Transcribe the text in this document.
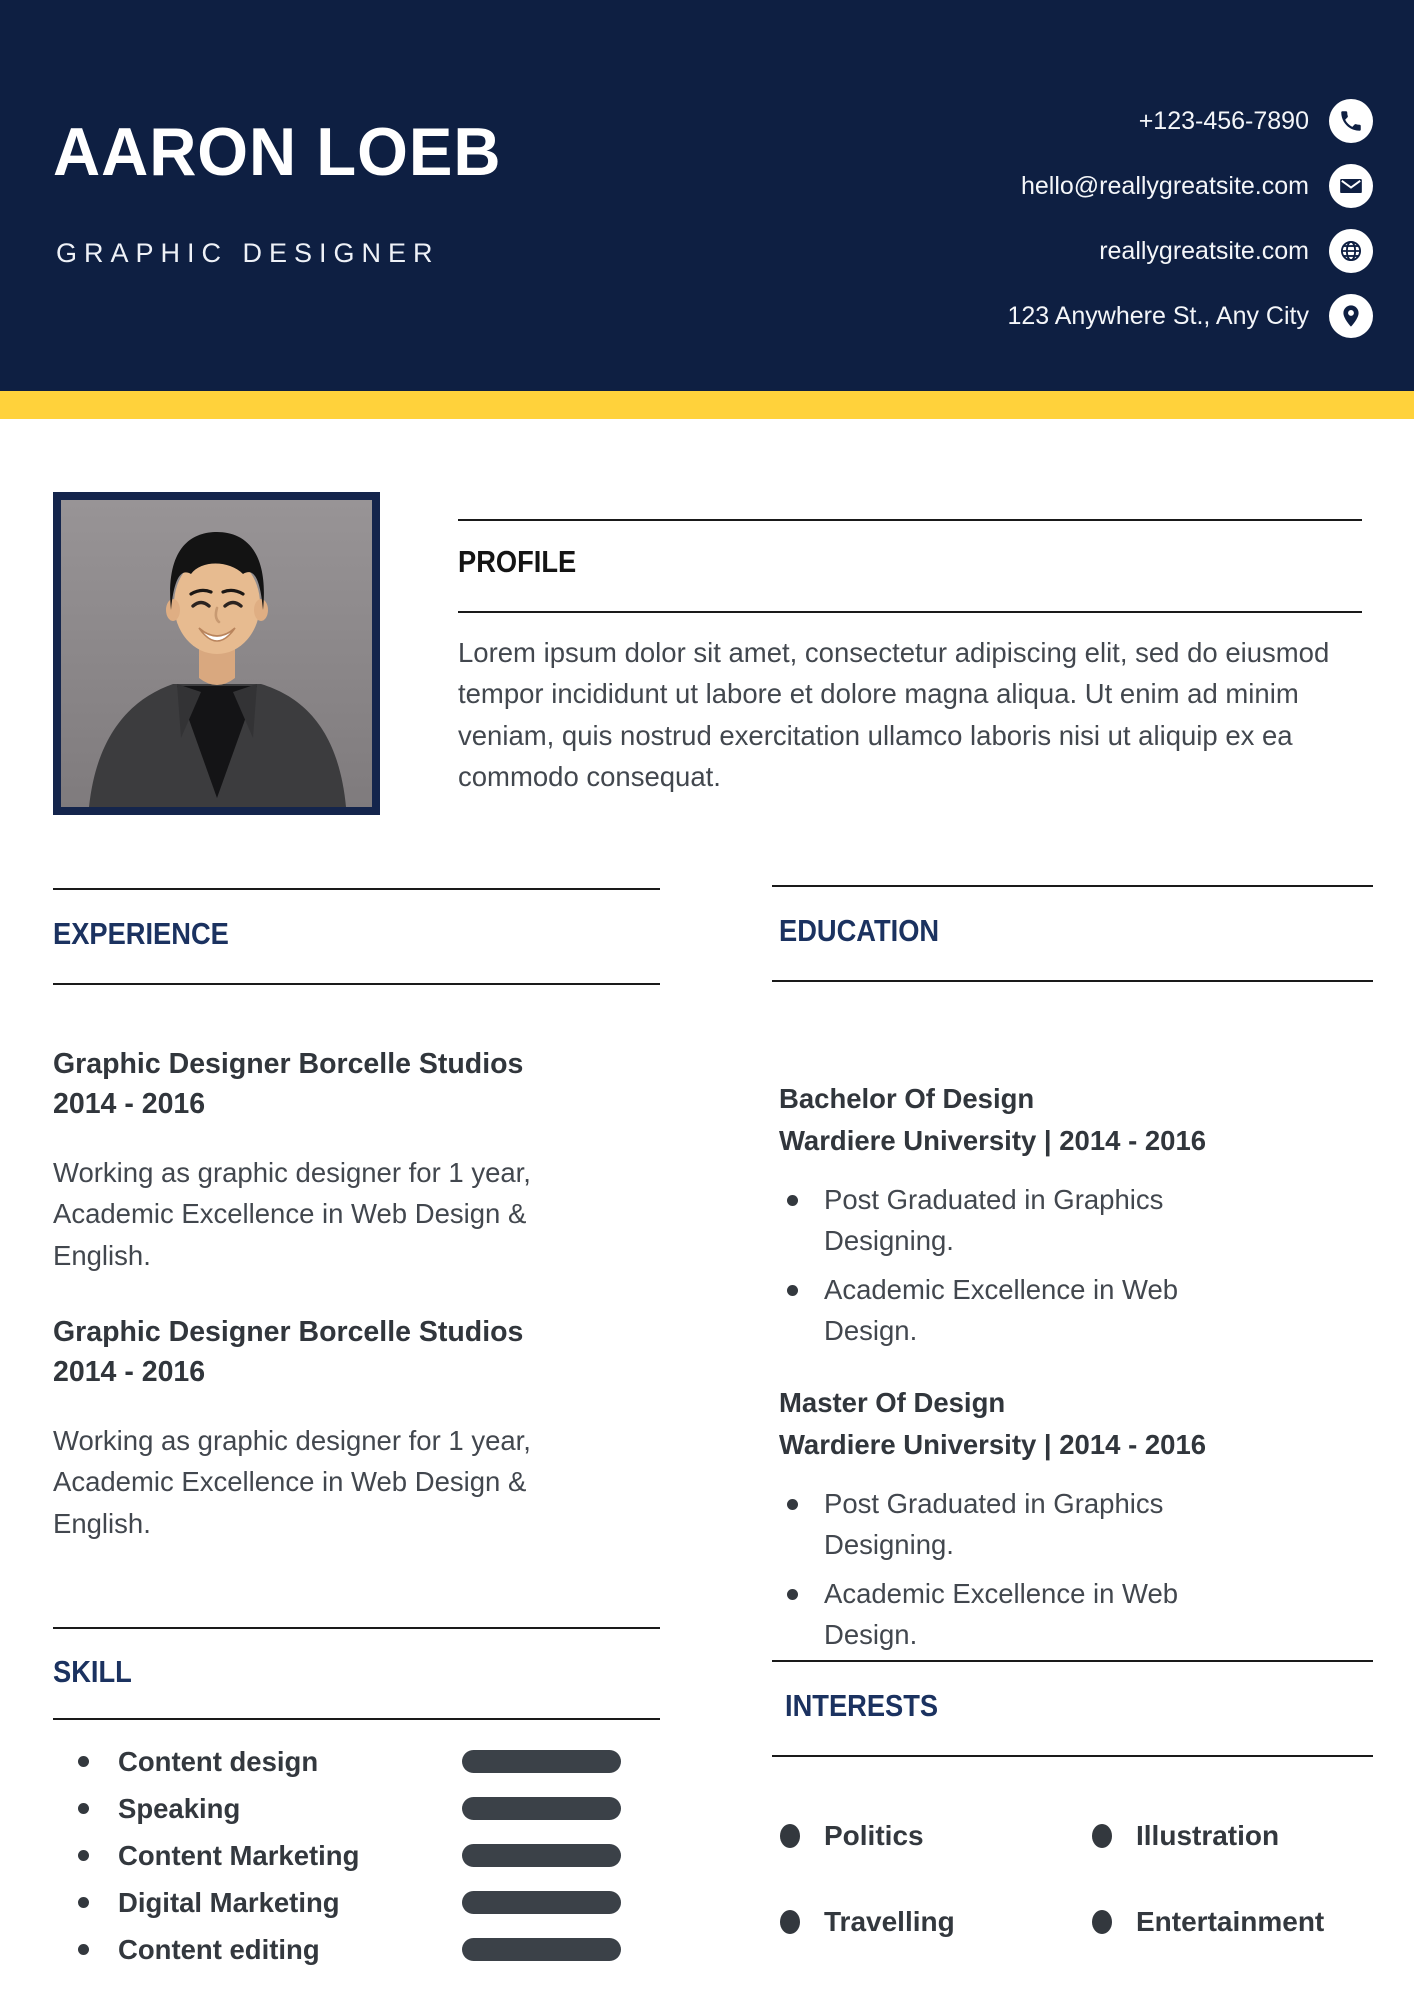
AARON LOEB
GRAPHIC DESIGNER
+123-456-7890
hello@reallygreatsite.com
reallygreatsite.com
123 Anywhere St., Any City
PROFILE
Lorem ipsum dolor sit amet, consectetur adipiscing elit, sed do eiusmod tempor incididunt ut labore et dolore magna aliqua. Ut enim ad minim veniam, quis nostrud exercitation ullamco laboris nisi ut aliquip ex ea commodo consequat.
EXPERIENCE	EDUCATION
Graphic Designer Borcelle Studios
2014 - 2016
Working as graphic designer for 1 year, Academic Excellence in Web Design & English.
Graphic Designer Borcelle Studios
2014 - 2016
Working as graphic designer for 1 year, Academic Excellence in Web Design & English.
Bachelor Of Design
Wardiere University | 2014 - 2016
Post Graduated in Graphics Designing.
Academic Excellence in Web Design.
Master Of Design
Wardiere University | 2014 - 2016
Post Graduated in Graphics Designing.
Academic Excellence in Web Design.
SKILL
Content design
Speaking
Content Marketing
Digital Marketing
Content editing
INTERESTS
Politics	Illustration
Travelling	Entertainment
